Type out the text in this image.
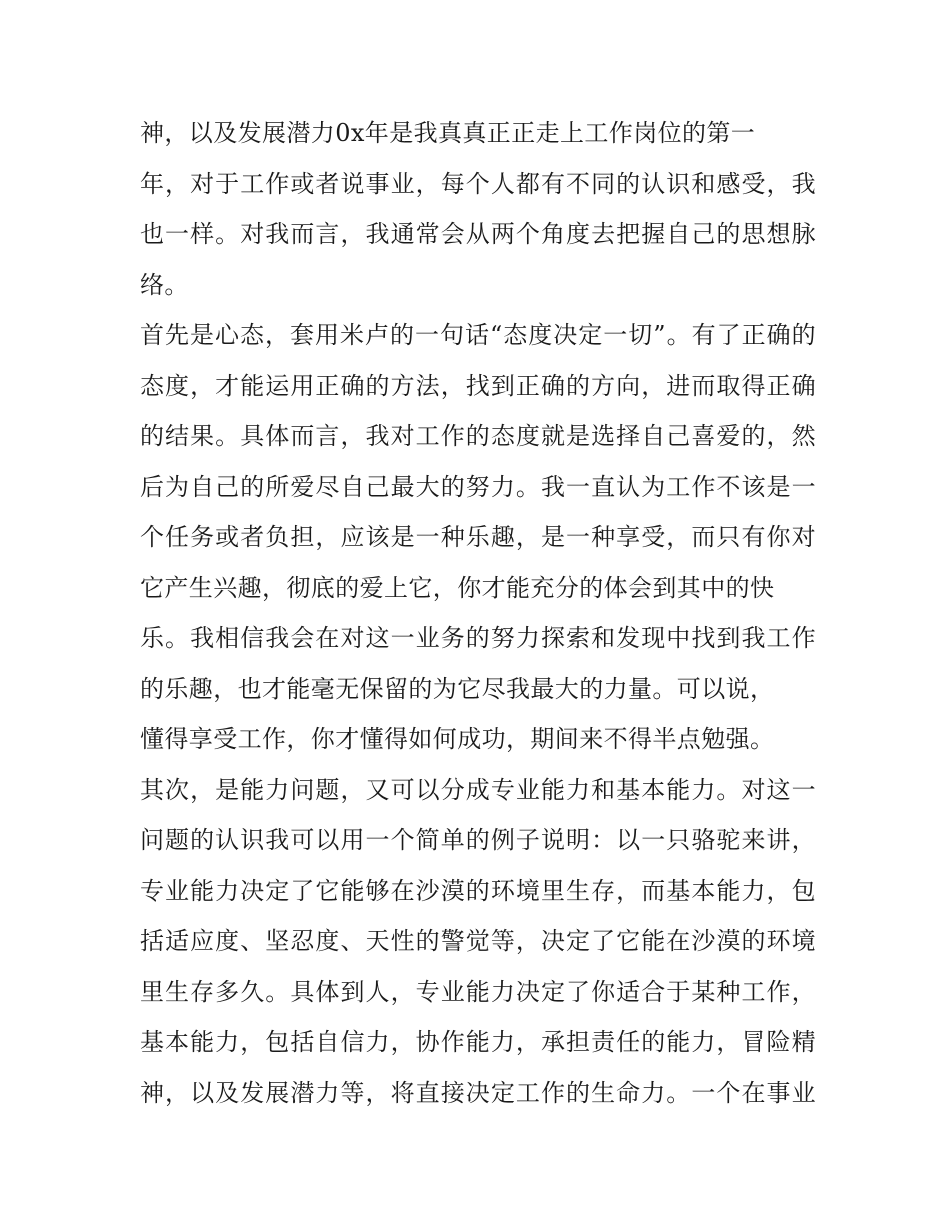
神，以及发展潜力0x年是我真真正正走上工作岗位的第一
年，对于工作或者说事业，每个人都有不同的认识和感受，我
也一样。对我而言，我通常会从两个角度去把握自己的思想脉
络。
首先是心态，套用米卢的一句话“态度决定一切”。有了正确的
态度，才能运用正确的方法，找到正确的方向，进而取得正确
的结果。具体而言，我对工作的态度就是选择自己喜爱的，然
后为自己的所爱尽自己最大的努力。我一直认为工作不该是一
个任务或者负担，应该是一种乐趣，是一种享受，而只有你对
它产生兴趣，彻底的爱上它，你才能充分的体会到其中的快
乐。我相信我会在对这一业务的努力探索和发现中找到我工作
的乐趣，也才能毫无保留的为它尽我最大的力量。可以说，
懂得享受工作，你才懂得如何成功，期间来不得半点勉强。
其次，是能力问题，又可以分成专业能力和基本能力。对这一
问题的认识我可以用一个简单的例子说明：以一只骆驼来讲，
专业能力决定了它能够在沙漠的环境里生存，而基本能力，包
括适应度、坚忍度、天性的警觉等，决定了它能在沙漠的环境
里生存多久。具体到人，专业能力决定了你适合于某种工作，
基本能力，包括自信力，协作能力，承担责任的能力，冒险精
神，以及发展潜力等，将直接决定工作的生命力。一个在事业
